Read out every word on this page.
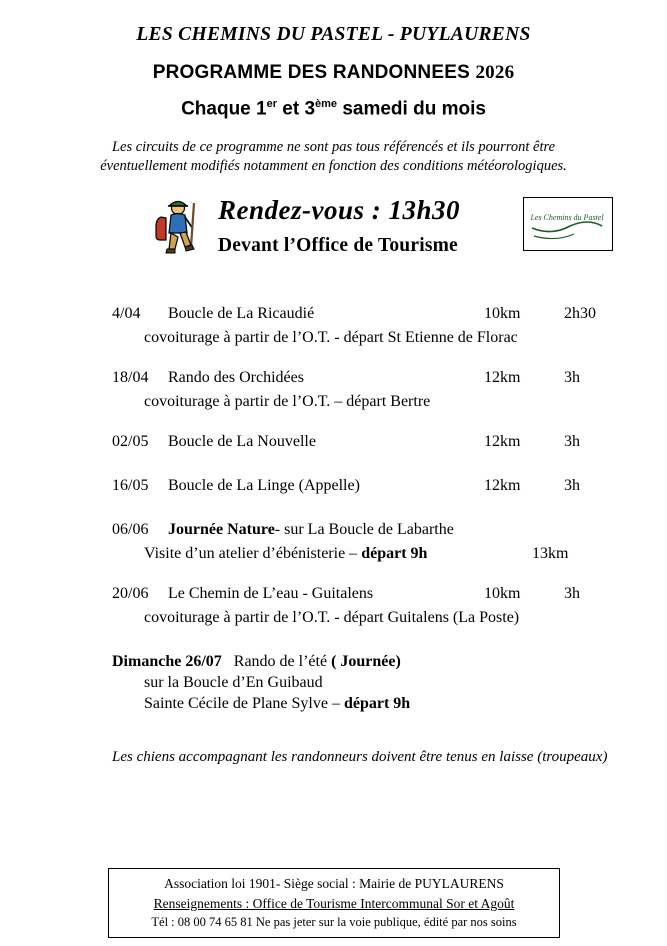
LES CHEMINS DU PASTEL - PUYLAURENS
PROGRAMME DES RANDONNEES 2026
Chaque 1er et 3ème samedi du mois
Les circuits de ce programme ne sont pas tous référencés et ils pourront être éventuellement modifiés notamment en fonction des conditions météorologiques.
Rendez-vous : 13h30
Devant l’Office de Tourisme
Les Chemins du Pastel
4/04 Boucle de La Ricaudié	10km	2h30
covoiturage à partir de l’O.T. - départ St Etienne de Florac
18/04 Rando des Orchidées	12km	3h
covoiturage à partir de l’O.T. – départ Bertre
02/05 Boucle de La Nouvelle	12km	3h
16/05 Boucle de La Linge (Appelle)	12km	3h
06/06 Journée Nature- sur La Boucle de Labarthe
Visite d’un atelier d’ébénisterie – départ 9h	13km
20/06 Le Chemin de L’eau - Guitalens	10km	3h
covoiturage à partir de l’O.T. - départ Guitalens (La Poste)
Dimanche 26/07 Rando de l’été ( Journée)
sur la Boucle d’En Guibaud
Sainte Cécile de Plane Sylve – départ 9h
Les chiens accompagnant les randonneurs doivent être tenus en laisse (troupeaux)
Association loi 1901- Siège social : Mairie de PUYLAURENS
Renseignements : Office de Tourisme Intercommunal Sor et Agoût
Tél : 08 00 74 65 81 Ne pas jeter sur la voie publique, édité par nos soins
